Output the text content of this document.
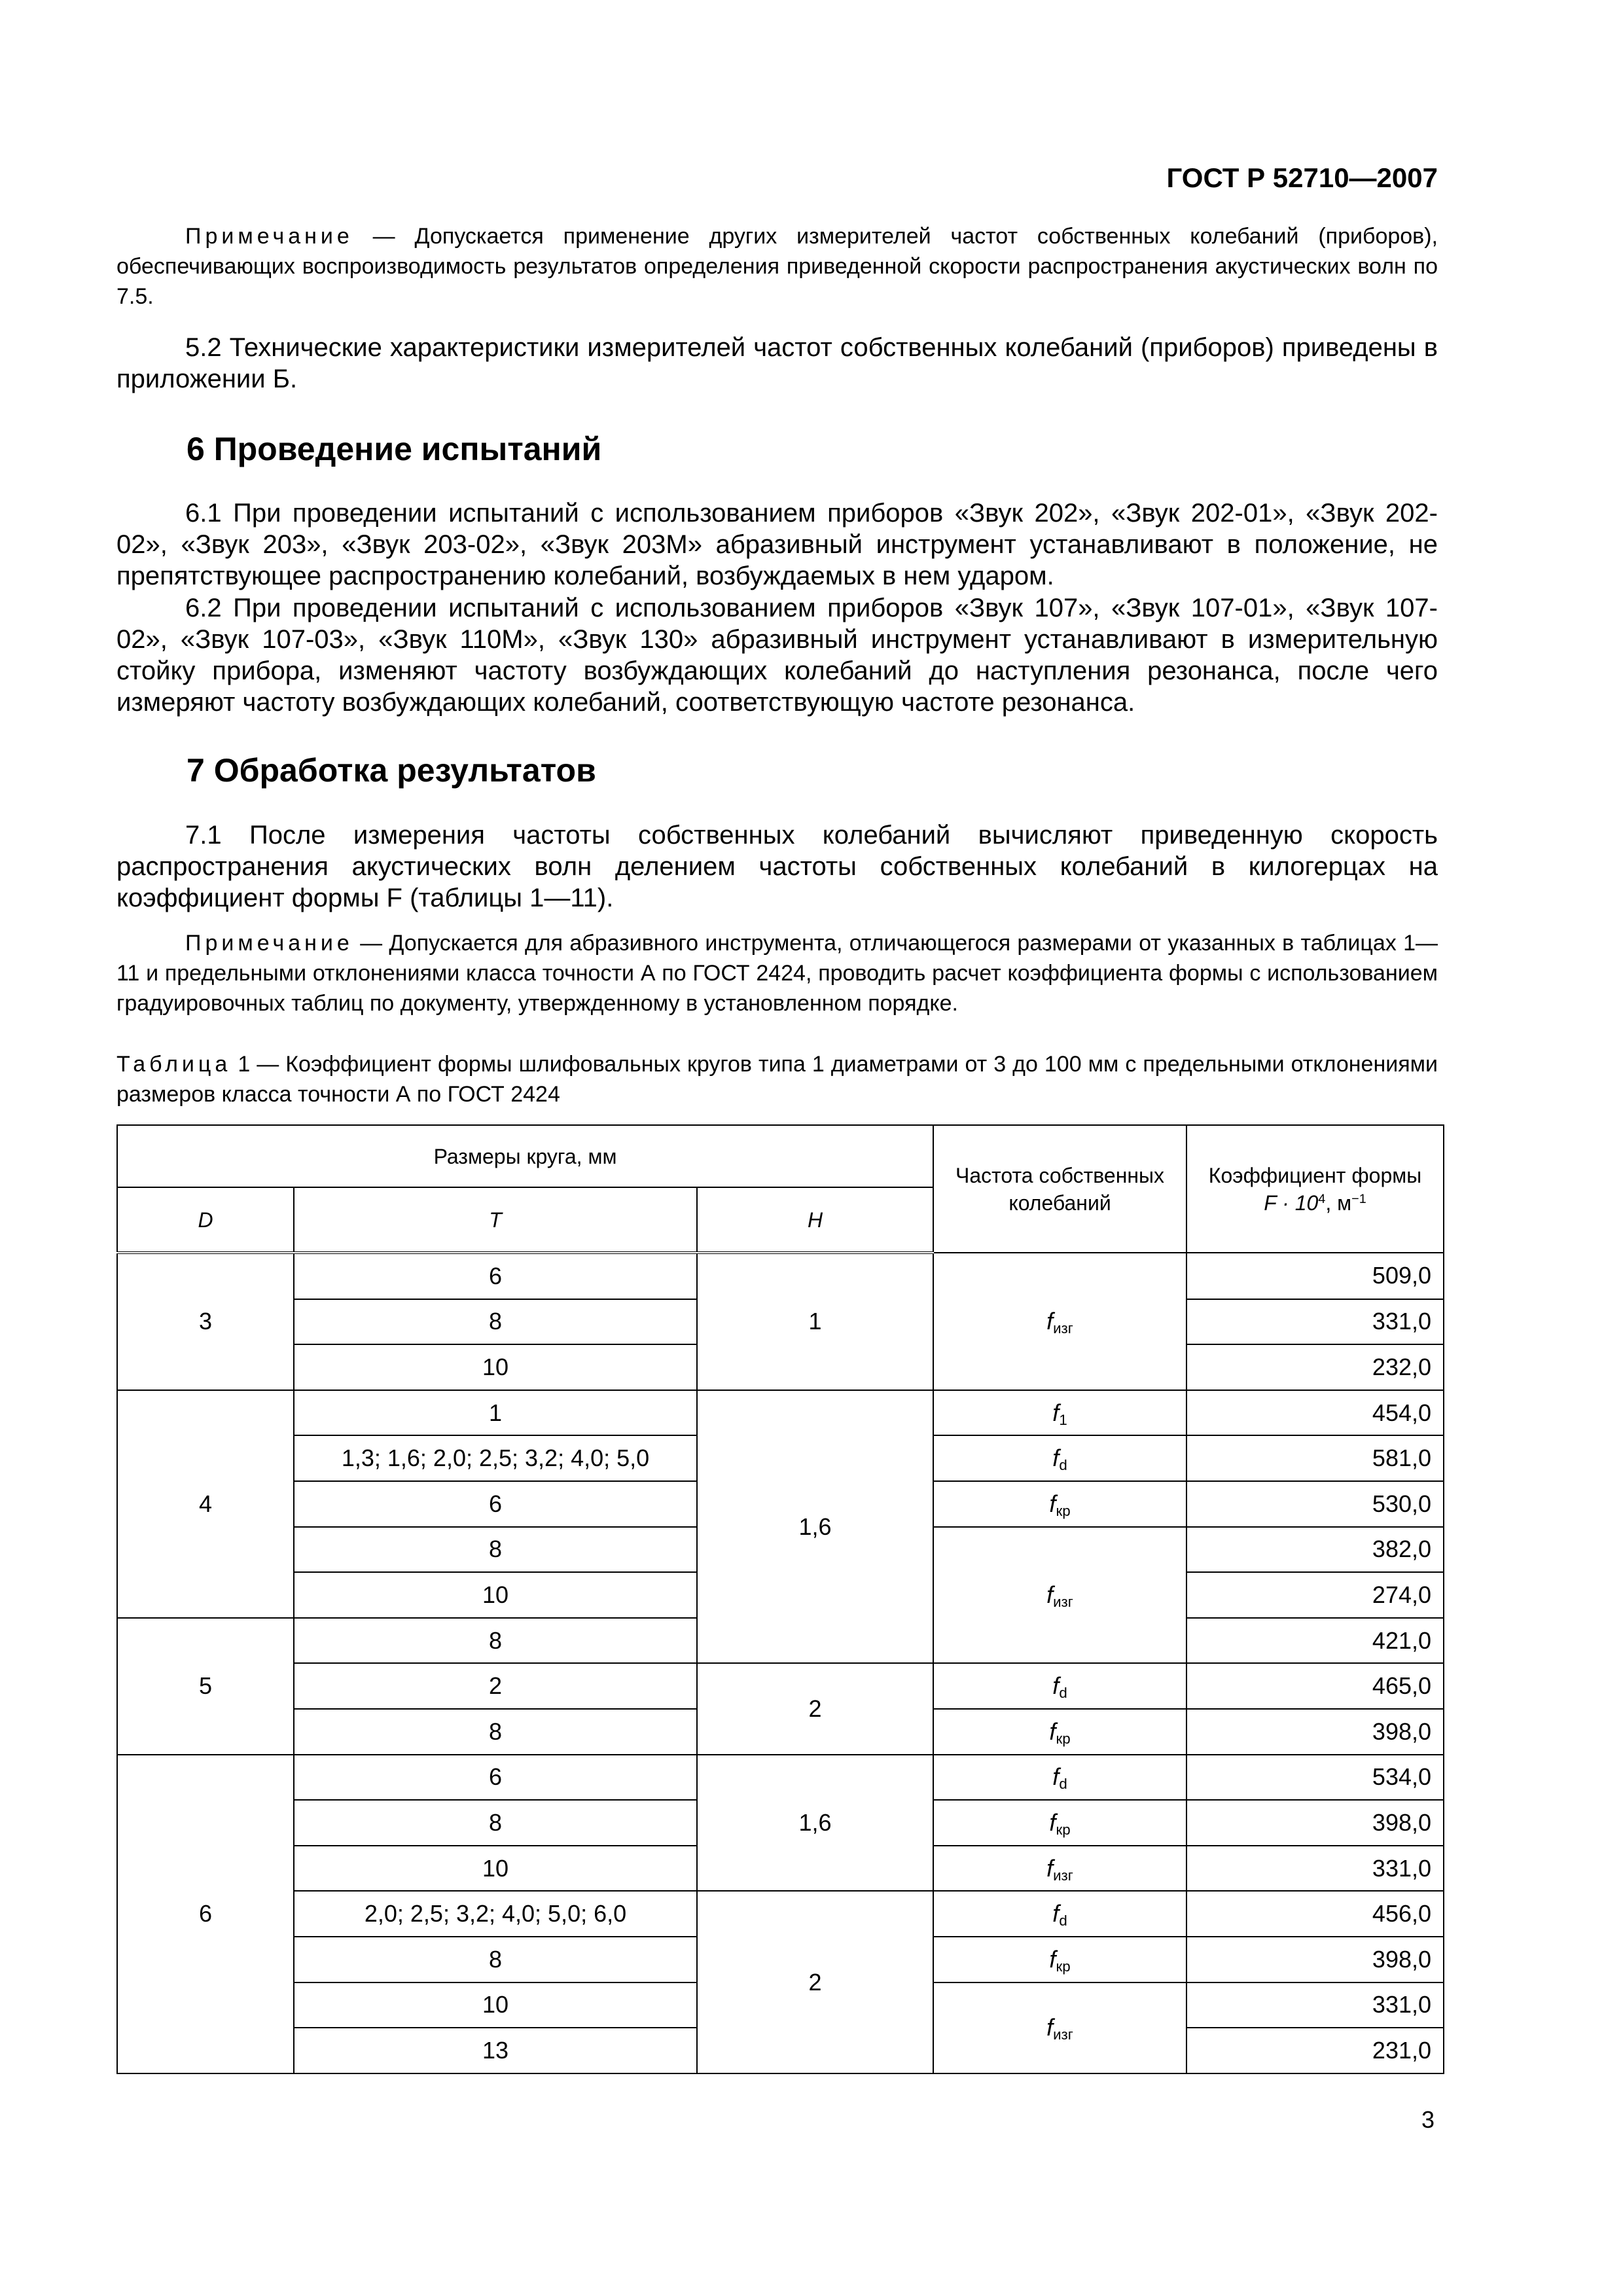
ГОСТ Р 52710—2007
Примечание — Допускается применение других измерителей частот собственных колебаний (приборов), обеспечивающих воспроизводимость результатов определения приведенной скорости распространения акустических волн по 7.5.
5.2 Технические характеристики измерителей частот собственных колебаний (приборов) приведены в приложении Б.
6 Проведение испытаний
6.1 При проведении испытаний с использованием приборов «Звук 202», «Звук 202-01», «Звук 202-02», «Звук 203», «Звук 203-02», «Звук 203М» абразивный инструмент устанавливают в положение, не препятствующее распространению колебаний, возбуждаемых в нем ударом.
6.2 При проведении испытаний с использованием приборов «Звук 107», «Звук 107-01», «Звук 107-02», «Звук 107-03», «Звук 110М», «Звук 130» абразивный инструмент устанавливают в измерительную стойку прибора, изменяют частоту возбуждающих колебаний до наступления резонанса, после чего измеряют частоту возбуждающих колебаний, соответствующую частоте резонанса.
7 Обработка результатов
7.1 После измерения частоты собственных колебаний вычисляют приведенную скорость распространения акустических волн делением частоты собственных колебаний в килогерцах на коэффициент формы F (таблицы 1—11).
Примечание — Допускается для абразивного инструмента, отличающегося размерами от указанных в таблицах 1—11 и предельными отклонениями класса точности А по ГОСТ 2424, проводить расчет коэффициента формы с использованием градуировочных таблиц по документу, утвержденному в установленном порядке.
Таблица 1 — Коэффициент формы шлифовальных кругов типа 1 диаметрами от 3 до 100 мм с предельными отклонениями размеров класса точности А по ГОСТ 2424
Размеры круга, мм			Частота собственных колебаний	Коэффициент формы
$F \cdot 10^4$, $м^{-1}$
D	T	H		
3	6	1	$f_{изг}$	509,0
	8			331,0
	10			232,0
4	1	1,6	$f_1$	454,0
	1,3; 1,6; 2,0; 2,5; 3,2; 4,0; 5,0		$f_d$	581,0
	6		$f_{кр}$	530,0
	8		$f_{изг}$	382,0
	10			274,0
5	8			421,0
	2	2	$f_d$	465,0
	8		$f_{кр}$	398,0
6	6	1,6	$f_d$	534,0
	8		$f_{кр}$	398,0
	10		$f_{изг}$	331,0
	2,0; 2,5; 3,2; 4,0; 5,0; 6,0	2	$f_d$	456,0
	8		$f_{кр}$	398,0
	10		$f_{изг}$	331,0
	13			231,0
3
